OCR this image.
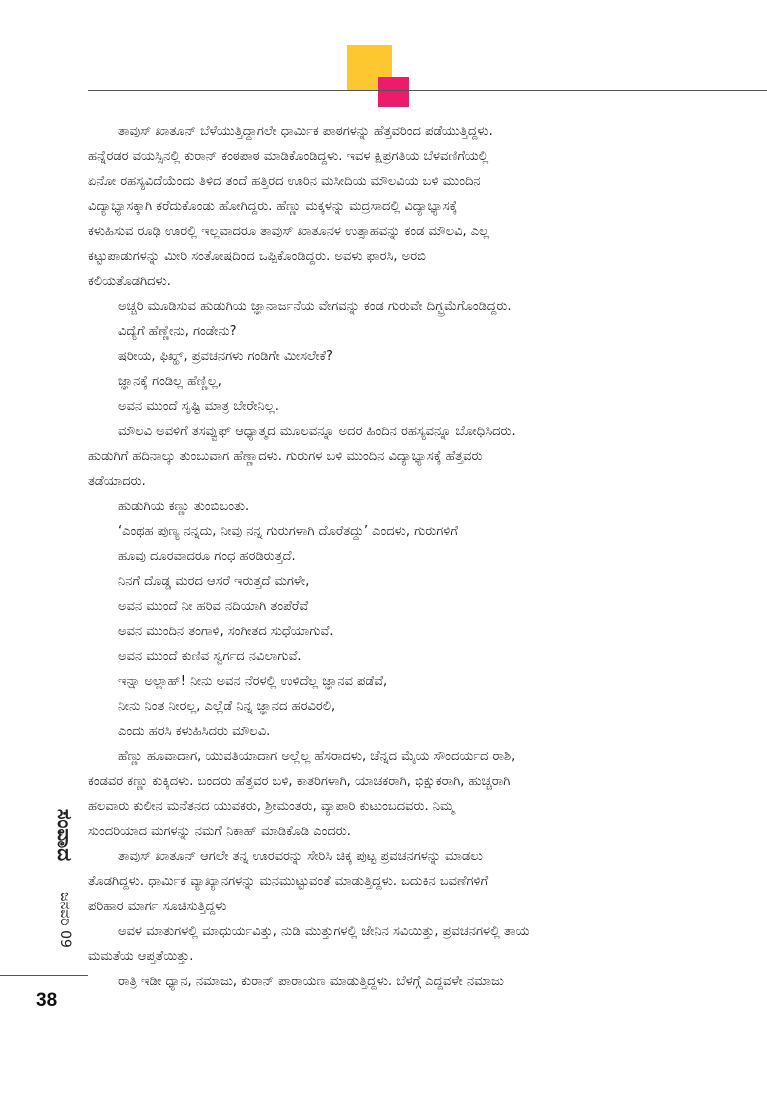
ತಾವುಸ್ ಖಾತೂನ್ ಬೆಳೆಯುತ್ತಿದ್ದಾಗಲೇ ಧಾರ್ಮಿಕ ಪಾಠಗಳನ್ನು ಹೆತ್ತವರಿಂದ ಪಡೆಯುತ್ತಿದ್ದಳು.

ಹನ್ನೆರಡರ ವಯಸ್ಸಿನಲ್ಲಿ ಕುರಾನ್ ಕಂಠಪಾಠ ಮಾಡಿಕೊಂಡಿದ್ದಳು. ಇವಳ ಕ್ಷಿಪ್ರಗತಿಯ ಬೆಳವಣಿಗೆಯಲ್ಲಿ

ಏನೋ ರಹಸ್ಯವಿದೆಯೆಂದು ತಿಳಿದ ತಂದೆ ಹತ್ತಿರದ ಊರಿನ ಮಸೀದಿಯ ಮೌಲವಿಯ ಬಳಿ ಮುಂದಿನ

ವಿದ್ಯಾಭ್ಯಾಸಕ್ಕಾಗಿ ಕರೆದುಕೊಂಡು ಹೋಗಿದ್ದರು. ಹೆಣ್ಣು ಮಕ್ಕಳನ್ನು ಮದ್ರಸಾದಲ್ಲಿ ವಿದ್ಯಾಭ್ಯಾಸಕ್ಕೆ

ಕಳುಹಿಸುವ ರೂಢಿ ಊರಲ್ಲಿ ಇಲ್ಲವಾದರೂ ತಾವುಸ್ ಖಾತೂನಳ ಉತ್ಸಾಹವನ್ನು ಕಂಡ ಮೌಲವಿ, ಎಲ್ಲ

ಕಟ್ಟುಪಾಡುಗಳನ್ನು ಮೀರಿ ಸಂತೋಷದಿಂದ ಒಪ್ಪಿಕೊಂಡಿದ್ದರು. ಅವಳು ಫಾರಸಿ, ಅರಬಿ

ಕಲಿಯತೊಡಗಿದಳು.

ಅಚ್ಚರಿ ಮೂಡಿಸುವ ಹುಡುಗಿಯ ಜ್ಞಾನಾರ್ಜನೆಯ ವೇಗವನ್ನು ಕಂಡ ಗುರುವೇ ದಿಗ್ಭ್ರಮೆಗೊಂಡಿದ್ದರು.

ವಿದ್ಯೆಗೆ ಹೆಣ್ಣೇನು, ಗಂಡೇನು?

ಷರೀಯ, ಫಿಖ್ಹ್, ಪ್ರವಚನಗಳು ಗಂಡಿಗೇ ಮೀಸಲೇಕೆ?

ಜ್ಞಾನಕ್ಕೆ ಗಂಡಿಲ್ಲ ಹೆಣ್ಣಿಲ್ಲ,

ಅವನ ಮುಂದೆ ಸೃಷ್ಟಿ ಮಾತ್ರ ಬೇರೇನಿಲ್ಲ.

ಮೌಲವಿ ಅವಳಿಗೆ ತಸವ್ವುಫ್ ಆಧ್ಯಾತ್ಮದ ಮೂಲವನ್ನೂ ಅದರ ಹಿಂದಿನ ರಹಸ್ಯವನ್ನೂ ಬೋಧಿಸಿದರು.

ಹುಡುಗಿಗೆ ಹದಿನಾಲ್ಕು ತುಂಬುವಾಗ ಹೆಣ್ಣಾದಳು. ಗುರುಗಳ ಬಳಿ ಮುಂದಿನ ವಿದ್ಯಾಭ್ಯಾಸಕ್ಕೆ ಹೆತ್ತವರು

ತಡೆಯಾದರು.

ಹುಡುಗಿಯ ಕಣ್ಣು ತುಂಬಿಬಂತು.

‘ಎಂಥಹ ಪುಣ್ಯ ನನ್ನದು, ನೀವು ನನ್ನ ಗುರುಗಳಾಗಿ ದೊರೆತದ್ದು’ ಎಂದಳು, ಗುರುಗಳಿಗೆ

ಹೂವು ದೂರವಾದರೂ ಗಂಧ ಹರಡಿರುತ್ತದೆ.

ನಿನಗೆ ದೊಡ್ಡ ಮರದ ಆಸರೆ ಇರುತ್ತದೆ ಮಗಳೇ,

ಅವನ ಮುಂದೆ ನೀ ಹರಿವ ನದಿಯಾಗಿ ತಂಪೆರೆವೆ

ಅವನ ಮುಂದಿನ ತಂಗಾಳಿ, ಸಂಗೀತದ ಸುಧೆಯಾಗುವೆ.

ಅವನ ಮುಂದೆ ಕುಣಿವ ಸ್ವರ್ಗದ ನವಿಲಾಗುವೆ.

ಇನ್ಷಾ ಅಲ್ಲಾಹ್! ನೀನು ಅವನ ನೆರಳಲ್ಲಿ ಉಳಿದೆಲ್ಲ ಜ್ಞಾನವ ಪಡೆವೆ,

ನೀನು ನಿಂತ ನೀರಲ್ಲ, ಎಲ್ಲೆಡೆ ನಿನ್ನ ಜ್ಞಾನದ ಹರವಿರಲಿ,

ಎಂದು ಹರಸಿ ಕಳುಹಿಸಿದರು ಮೌಲವಿ.

ಹೆಣ್ಣು ಹೂವಾದಾಗ, ಯುವತಿಯಾದಾಗ ಅಲ್ಲೆಲ್ಲ ಹೆಸರಾದಳು, ಚೆನ್ನದ ಮೈಯ ಸೌಂದರ್ಯದ ರಾಶಿ,

ಕಂಡವರ ಕಣ್ಣು ಕುಕ್ಕಿದಳು. ಬಂದರು ಹೆತ್ತವರ ಬಳಿ, ಕಾತರಿಗಳಾಗಿ, ಯಾಚಕರಾಗಿ, ಭಿಕ್ಷುಕರಾಗಿ, ಹುಚ್ಚರಾಗಿ

ಹಲವಾರು ಕುಲೀನ ಮನೆತನದ ಯುವಕರು, ಶ್ರೀಮಂತರು, ವ್ಯಾಪಾರಿ ಕುಟುಂಬದವರು. ನಿಮ್ಮ

ಸುಂದರಿಯಾದ ಮಗಳನ್ನು ನಮಗೆ ನಿಕಾಹ್ ಮಾಡಿಕೊಡಿ ಎಂದರು.

ತಾವುಸ್ ಖಾತೂನ್ ಆಗಲೇ ತನ್ನ ಊರವರನ್ನು ಸೇರಿಸಿ ಚಿಕ್ಕ ಪುಟ್ಟ ಪ್ರವಚನಗಳನ್ನು ಮಾಡಲು

ತೊಡಗಿದ್ದಳು. ಧಾರ್ಮಿಕ ವ್ಯಾಖ್ಯಾನಗಳನ್ನು ಮನಮುಟ್ಟುವಂತೆ ಮಾಡುತ್ತಿದ್ದಳು. ಬದುಕಿನ ಬವಣೆಗಳಿಗೆ

ಪರಿಹಾರ ಮಾರ್ಗ ಸೂಚಿಸುತ್ತಿದ್ದಳು

ಅವಳ ಮಾತುಗಳಲ್ಲಿ ಮಾಧುರ್ಯವಿತ್ತು, ನುಡಿ ಮುತ್ತುಗಳಲ್ಲಿ ಜೇನಿನ ಸವಿಯಿತ್ತು, ಪ್ರವಚನಗಳಲ್ಲಿ ತಾಯ

ಮಮತೆಯ ಆಪ್ತತೆಯಿತ್ತು.

ರಾತ್ರಿ ಇಡೀ ಧ್ಯಾನ, ನಮಾಜು, ಕುರಾನ್ ಪಾರಾಯಣ ಮಾಡುತ್ತಿದ್ದಳು. ಬೆಳಗ್ಗೆ ಎದ್ದವಳೇ ನಮಾಜು

ಸಂವಾದ
ಜನವರಿ 09
38
